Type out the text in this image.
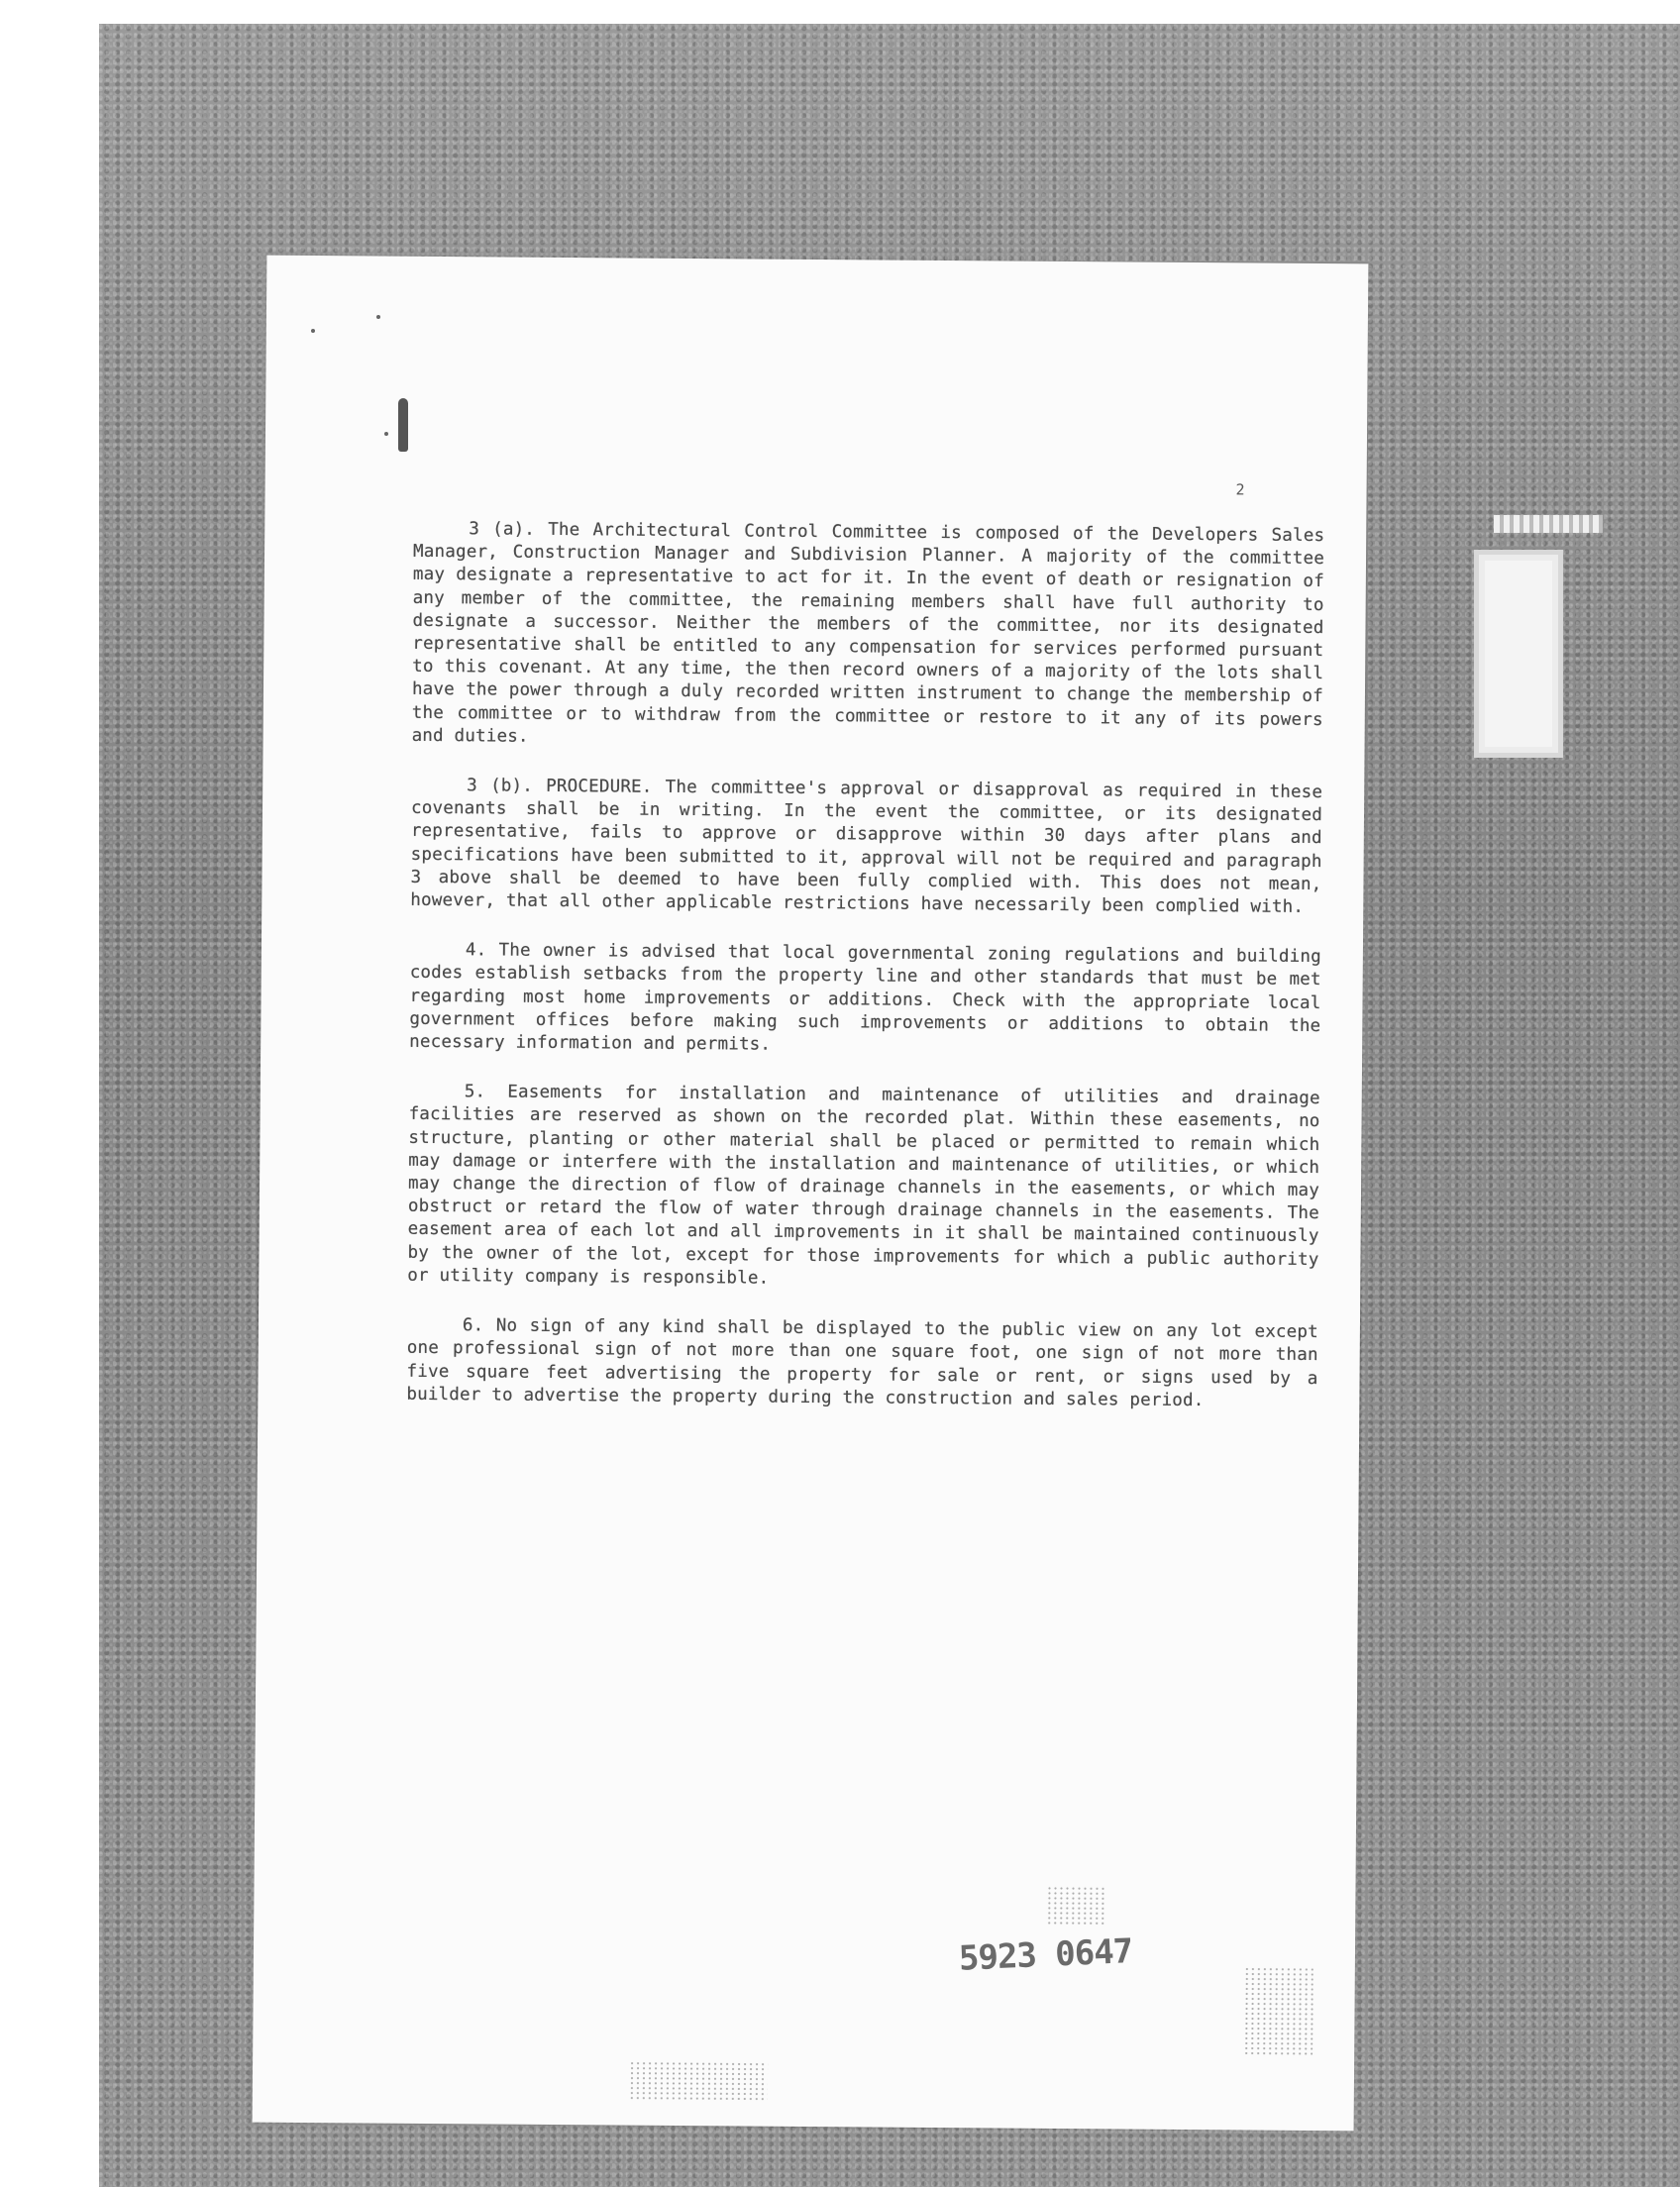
2

3 (a). The Architectural Control Committee is composed of the Developers Sales Manager, Construction Manager and Subdivision Planner. A majority of the committee may designate a representative to act for it. In the event of death or resignation of any member of the committee, the remaining members shall have full authority to designate a successor. Neither the members of the committee, nor its designated representative shall be entitled to any compensation for services performed pursuant to this covenant. At any time, the then record owners of a majority of the lots shall have the power through a duly recorded written instrument to change the membership of the committee or to withdraw from the committee or restore to it any of its powers and duties.

3 (b). PROCEDURE. The committee's approval or disapproval as required in these covenants shall be in writing. In the event the committee, or its designated representative, fails to approve or disapprove within 30 days after plans and specifications have been submitted to it, approval will not be required and paragraph 3 above shall be deemed to have been fully complied with. This does not mean, however, that all other applicable restrictions have necessarily been complied with.

4. The owner is advised that local governmental zoning regulations and building codes establish setbacks from the property line and other standards that must be met regarding most home improvements or additions. Check with the appropriate local government offices before making such improvements or additions to obtain the necessary information and permits.

5. Easements for installation and maintenance of utilities and drainage facilities are reserved as shown on the recorded plat. Within these easements, no structure, planting or other material shall be placed or permitted to remain which may damage or interfere with the installation and maintenance of utilities, or which may change the direction of flow of drainage channels in the easements, or which may obstruct or retard the flow of water through drainage channels in the easements. The easement area of each lot and all improvements in it shall be maintained continuously by the owner of the lot, except for those improvements for which a public authority or utility company is responsible.

6. No sign of any kind shall be displayed to the public view on any lot except one professional sign of not more than one square foot, one sign of not more than five square feet advertising the property for sale or rent, or signs used by a builder to advertise the property during the construction and sales period.

5923 0647
